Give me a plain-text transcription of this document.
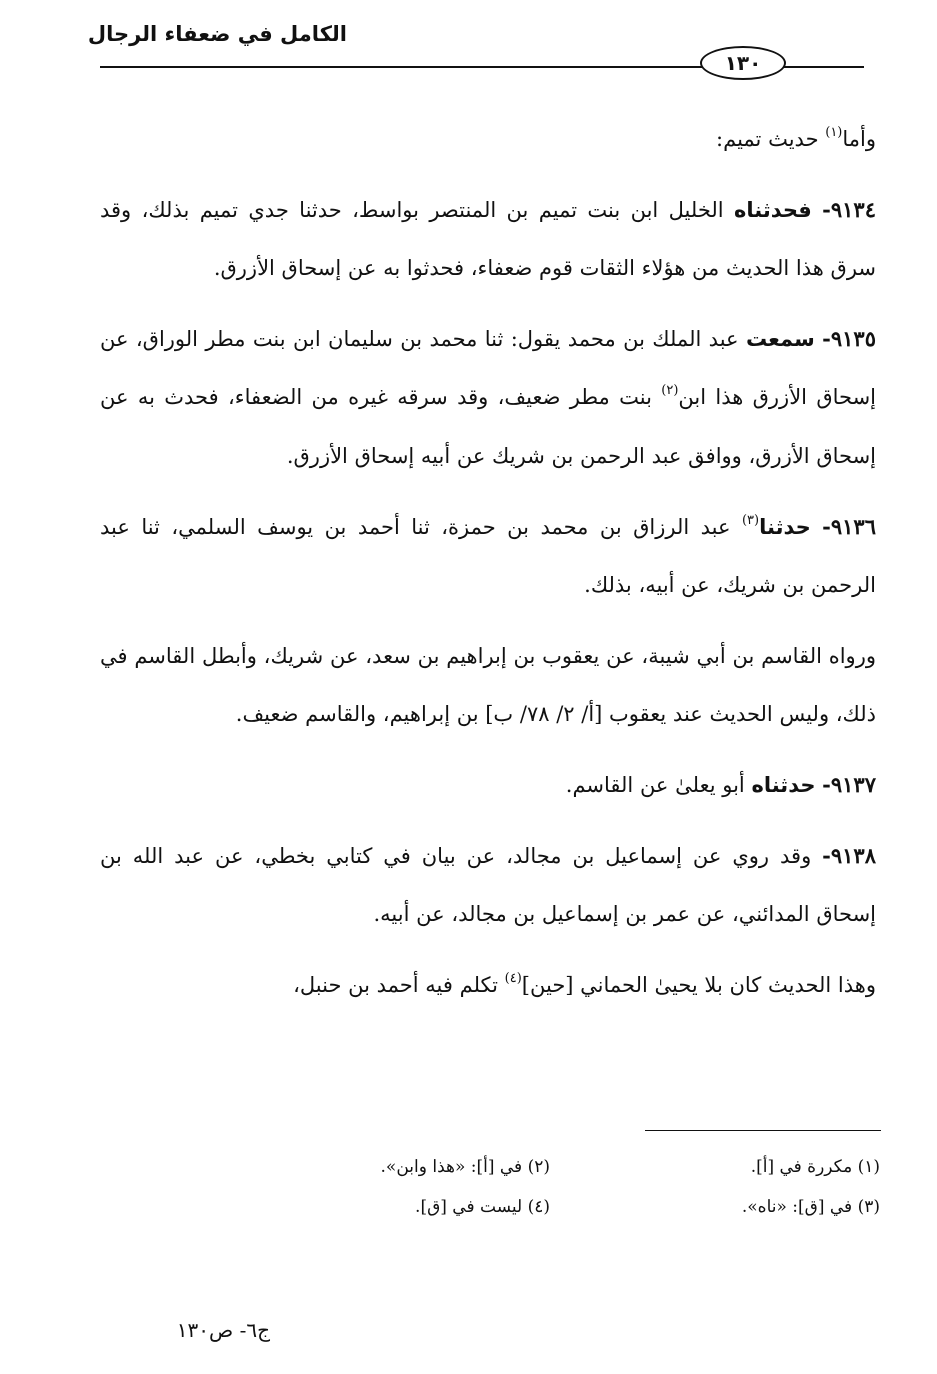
الكامل في ضعفاء الرجال
١٣٠

وأما$^{(١)}$ حديث تميم:

٩١٣٤- فحدثناه الخليل ابن بنت تميم بن المنتصر بواسط، حدثنا جدي تميم بذلك، وقد سرق هذا الحديث من هؤلاء الثقات قوم ضعفاء، فحدثوا به عن إسحاق الأزرق.

٩١٣٥- سمعت عبد الملك بن محمد يقول: ثنا محمد بن سليمان ابن بنت مطر الوراق، عن إسحاق الأزرق هذا ابن$^{(٢)}$ بنت مطر ضعيف، وقد سرقه غيره من الضعفاء، فحدث به عن إسحاق الأزرق، ووافق عبد الرحمن بن شريك عن أبيه إسحاق الأزرق.

٩١٣٦- حدثنا$^{(٣)}$ عبد الرزاق بن محمد بن حمزة، ثنا أحمد بن يوسف السلمي، ثنا عبد الرحمن بن شريك، عن أبيه، بذلك.

ورواه القاسم بن أبي شيبة، عن يعقوب بن إبراهيم بن سعد، عن شريك، وأبطل القاسم في ذلك، وليس الحديث عند يعقوب [أ/ ٢/ ٧٨/ ب] بن إبراهيم، والقاسم ضعيف.

٩١٣٧- حدثناه أبو يعلىٰ عن القاسم.

٩١٣٨- وقد روي عن إسماعيل بن مجالد، عن بيان في كتابي بخطي، عن عبد الله بن إسحاق المدائني، عن عمر بن إسماعيل بن مجالد، عن أبيه.

وهذا الحديث كان بلا يحيىٰ الحماني [حين]$^{(٤)}$ تكلم فيه أحمد بن حنبل،

(١) مكررة في [أ].
(٢) في [أ]: «هذا وابن».
(٣) في [ق]: «ناه».
(٤) ليست في [ق].
ج٦- ص١٣٠
